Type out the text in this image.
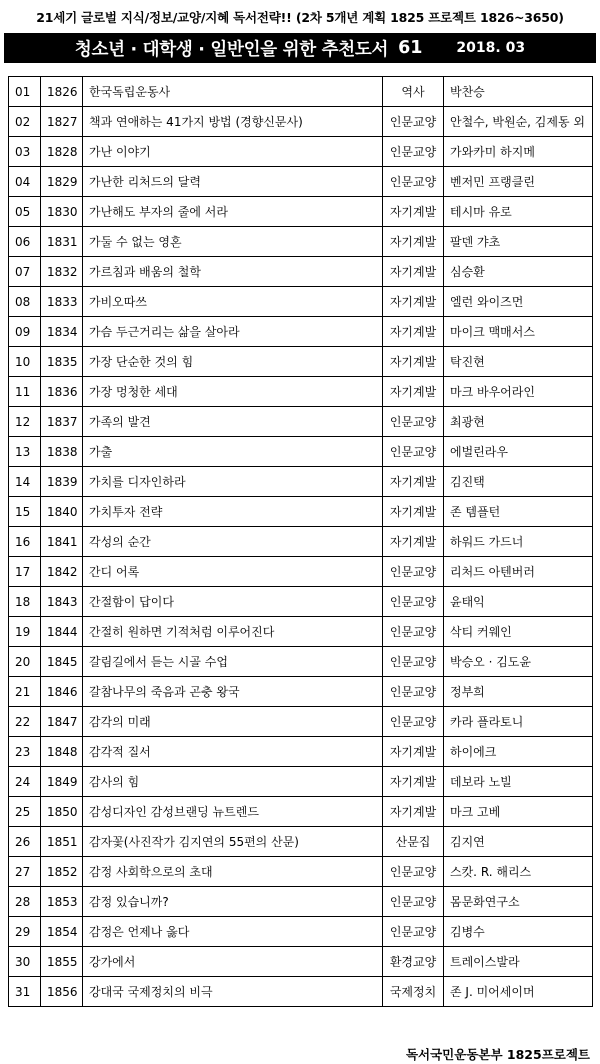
21세기 글로벌 지식/정보/교양/지혜 독서전략!! (2차 5개년 계획 1825 프로젝트 1826~3650)
청소년 · 대학생 · 일반인을 위한 추천도서 61 2018. 03
01	1826	한국독립운동사	역사	박찬승
02	1827	책과 연애하는 41가지 방법 (경향신문사)	인문교양	안철수, 박원순, 김제동 외
03	1828	가난 이야기	인문교양	가와카미 하지메
04	1829	가난한 리처드의 달력	인문교양	벤저민 프랭클린
05	1830	가난해도 부자의 줄에 서라	자기계발	테시마 유로
06	1831	가둘 수 없는 영혼	자기계발	팔덴 갸초
07	1832	가르침과 배움의 철학	자기계발	심승환
08	1833	가비오따쓰	자기계발	엘런 와이즈먼
09	1834	가슴 두근거리는 삶을 살아라	자기계발	마이크 맥매서스
10	1835	가장 단순한 것의 힘	자기계발	탁진현
11	1836	가장 멍청한 세대	자기계발	마크 바우어라인
12	1837	가족의 발견	인문교양	최광현
13	1838	가출	인문교양	에벌린라우
14	1839	가치를 디자인하라	자기계발	김진택
15	1840	가치투자 전략	자기계발	존 템플턴
16	1841	각성의 순간	자기계발	하워드 가드너
17	1842	간디 어록	인문교양	리처드 아텐버러
18	1843	간절함이 답이다	인문교양	윤태익
19	1844	간절히 원하면 기적처럼 이루어진다	인문교양	삭티 커웨인
20	1845	갈림길에서 듣는 시골 수업	인문교양	박승오 · 김도윤
21	1846	갈참나무의 죽음과 곤충 왕국	인문교양	정부희
22	1847	감각의 미래	인문교양	카라 플라토니
23	1848	감각적 질서	자기계발	하이에크
24	1849	감사의 힘	자기계발	데보라 노빌
25	1850	감성디자인 감성브랜딩 뉴트렌드	자기계발	마크 고베
26	1851	감자꽃(사진작가 김지연의 55편의 산문)	산문집	김지연
27	1852	감정 사회학으로의 초대	인문교양	스캇. R. 해리스
28	1853	감정 있습니까?	인문교양	몸문화연구소
29	1854	감정은 언제나 옳다	인문교양	김병수
30	1855	강가에서	환경교양	트레이스발라
31	1856	강대국 국제정치의 비극	국제정치	존 J. 미어세이머
독서국민운동본부 1825프로젝트
